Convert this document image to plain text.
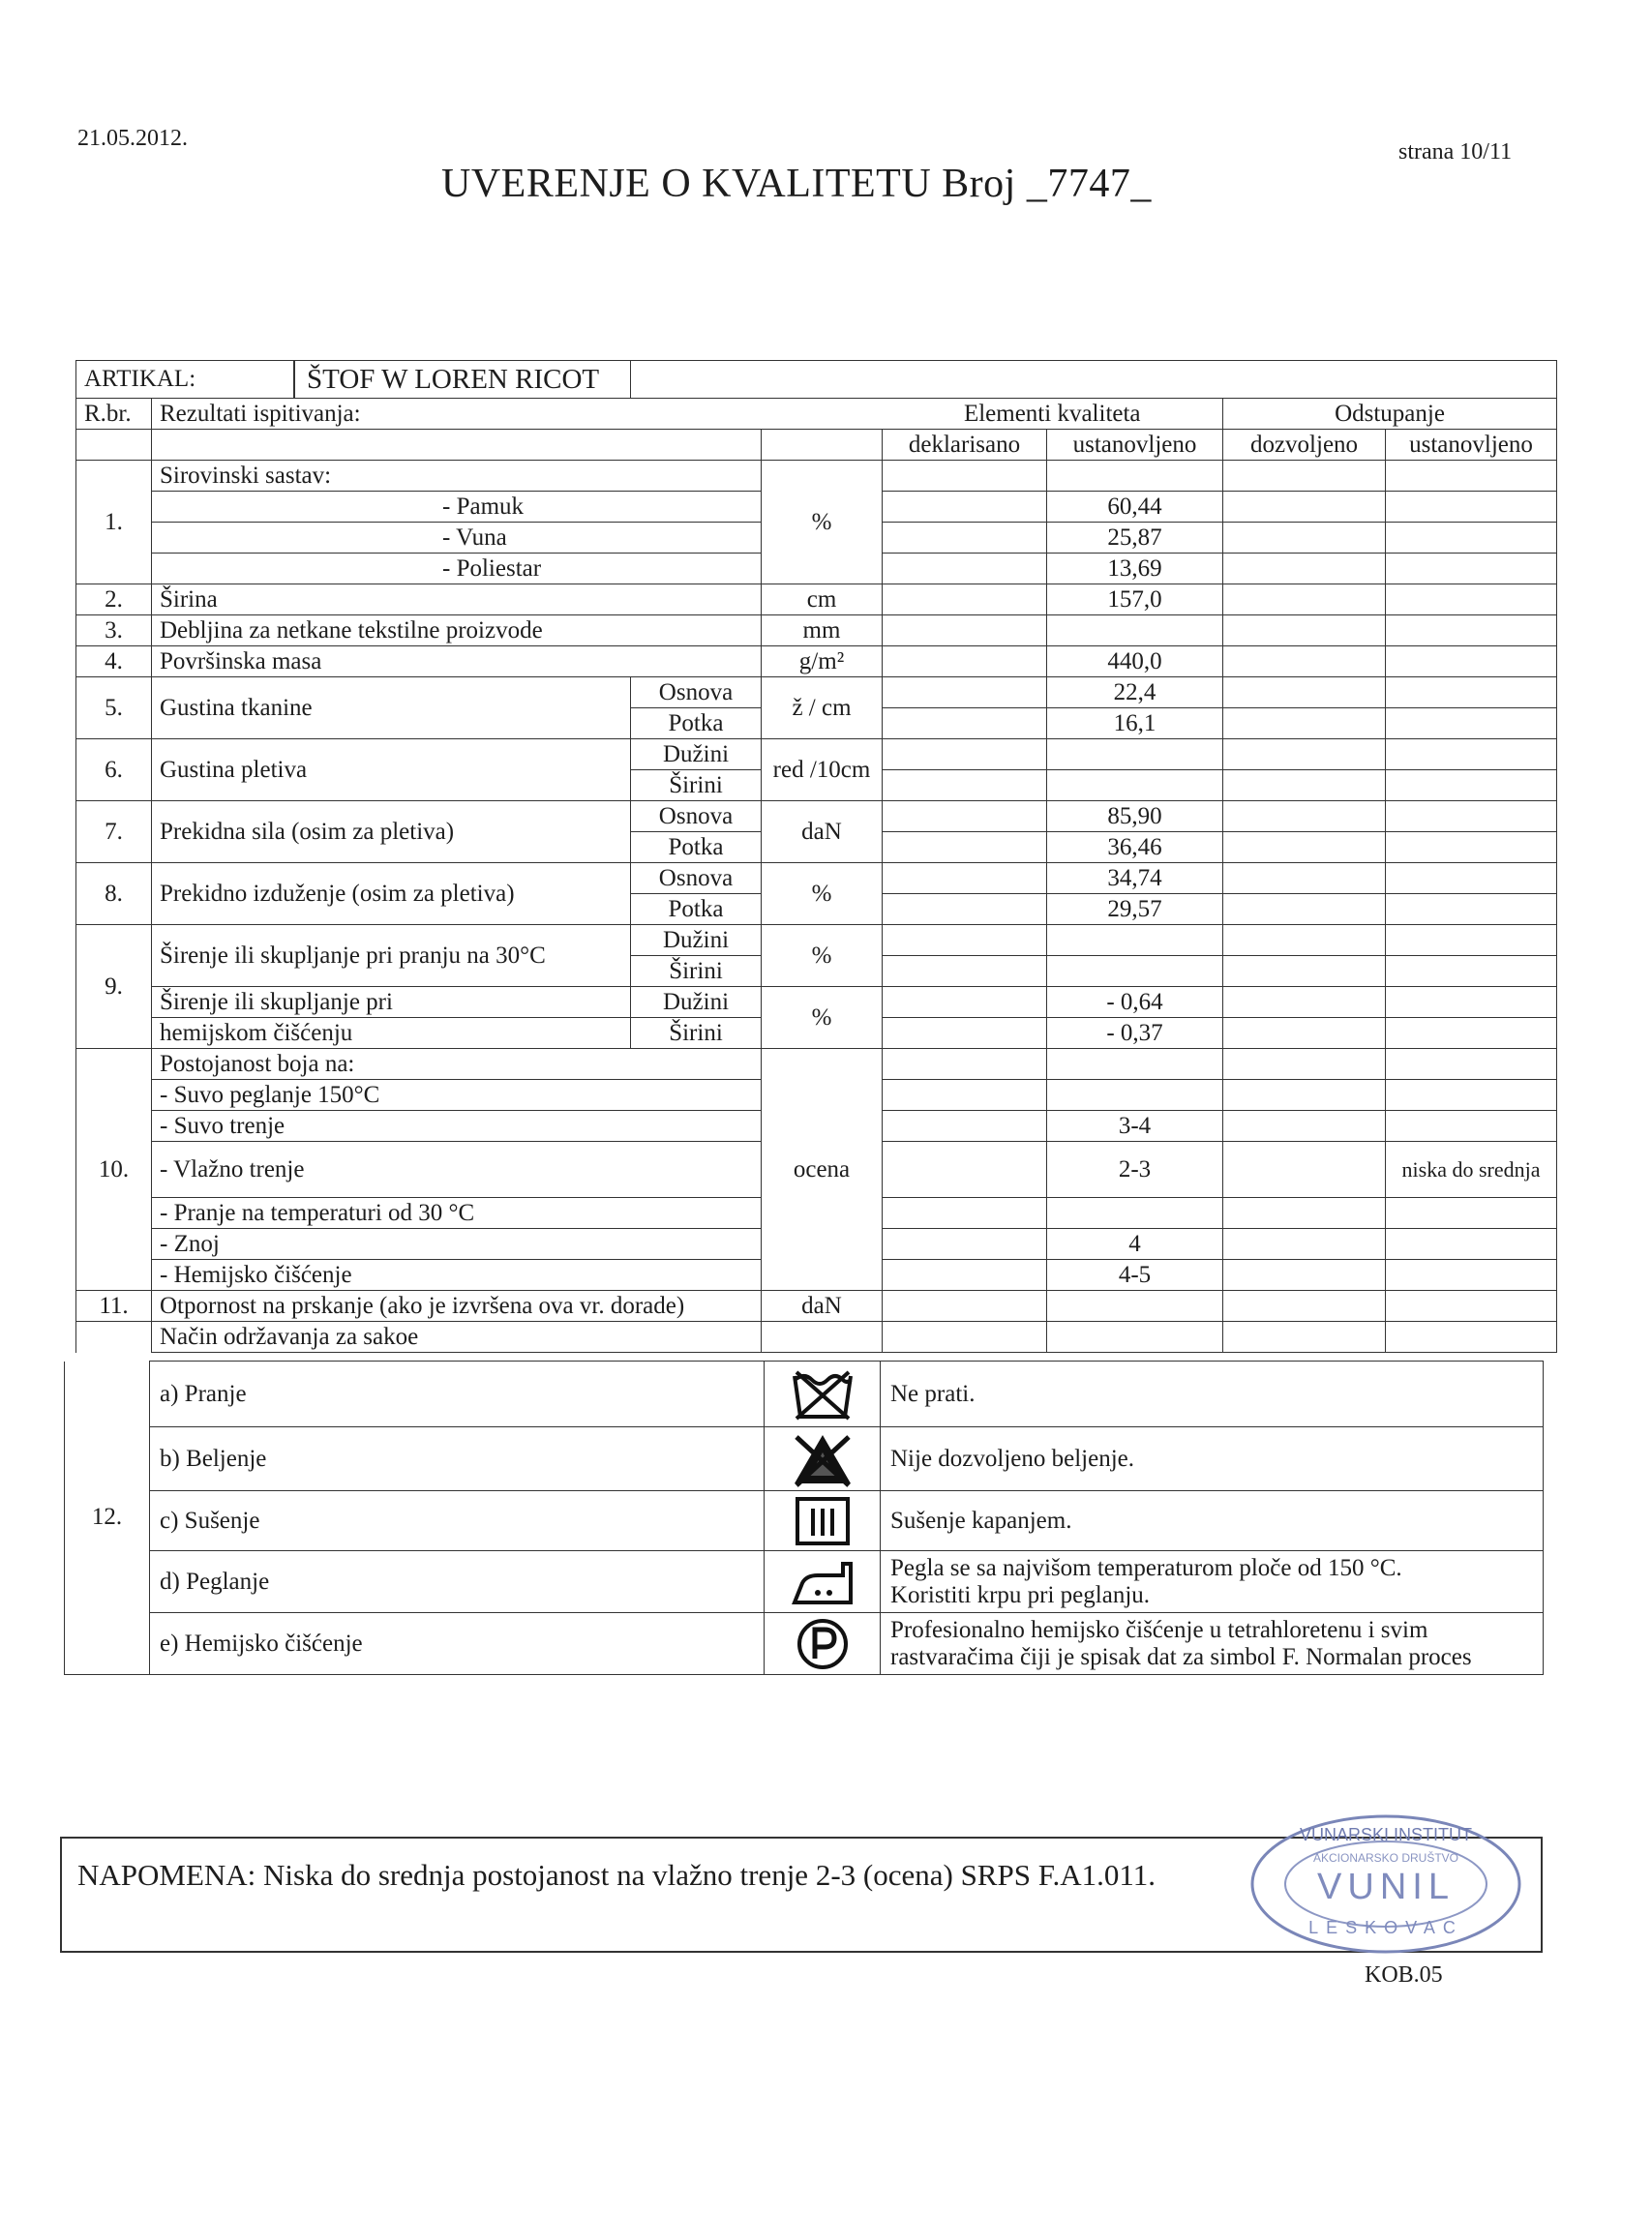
21.05.2012.
UVERENJE O KVALITETU Broj _7747_
strana 10/11
ARTIKAL: ŠTOF W LOREN RICOT							

R.br.	Rezultati ispitivanja:			Elementi kvaliteta		Odstupanje	
				deklarisano	ustanovljeno	dozvoljeno	ustanovljeno
1.	Sirovinski sastav:		%				
	- Pamuk				60,44		
	- Vuna				25,87		
	- Poliestar				13,69		
2.	Širina		cm		157,0		
3.	Debljina za netkane tekstilne proizvode		mm				
4.	Površinska masa		g/m²		440,0		
5.	Gustina tkanine	Osnova	ž / cm		22,4		
		Potka			16,1		
6.	Gustina pletiva	Dužini	red /10cm				
		Širini					
7.	Prekidna sila (osim za pletiva)	Osnova	daN		85,90		
		Potka			36,46		
8.	Prekidno izduženje (osim za pletiva)	Osnova	%		34,74		
		Potka			29,57		
9.	Širenje ili skupljanje pri pranju na 30°C	Dužini	%				
		Širini					
	Širenje ili skupljanje pri	Dužini	%		- 0,64		
	hemijskom čišćenju	Širini			- 0,37		
10.	Postojanost boja na:		ocena				
	- Suvo peglanje 150°C						
	- Suvo trenje				3-4		
	- Vlažno trenje				2-3		niska do srednja
	- Pranje na temperaturi od 30 °C						
	- Znoj				4		
	- Hemijsko čišćenje				4-5		
11.	Otpornost na prskanje (ako je izvršena ova vr. dorade)		daN				
	Način održavanja za sakoe						
12.	a) Pranje		Ne prati.

	b) Beljenje		Nije dozvoljeno beljenje.

	c) Sušenje		Sušenje kapanjem.

	d) Peglanje		Pegla se sa najvišom temperaturom ploče od 150 °C.
Koristiti krpu pri peglanju.

	e) Hemijsko čišćenje		Profesionalno hemijsko čišćenje u tetrahloretenu i svim
rastvaračima čiji je spisak dat za simbol F. Normalan proces
NAPOMENA: Niska do srednja postojanost na vlažno trenje 2-3 (ocena) SRPS F.A1.011.
VUNARSKI INSTITUT
AKCIONARSKO DRUŠTVO
VUNIL
LESKOVAC
KOB.05
